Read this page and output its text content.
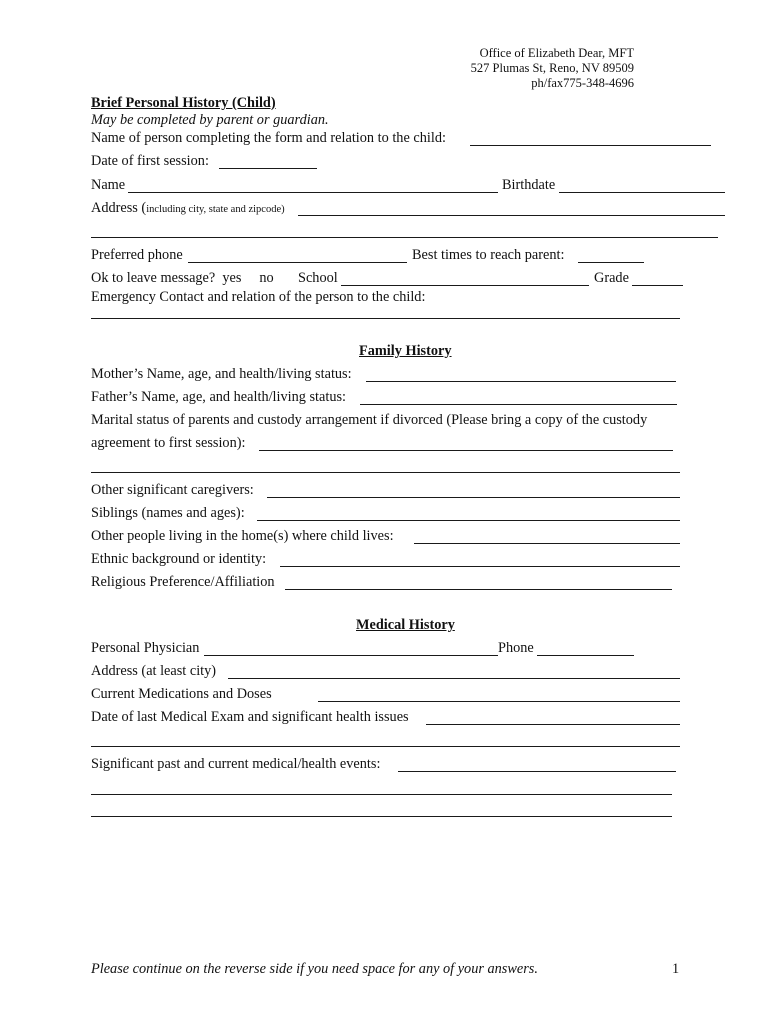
Office of Elizabeth Dear, MFT
527 Plumas St, Reno, NV 89509
ph/fax775-348-4696
Brief Personal History (Child)
May be completed by parent or guardian.
Name of person completing the form and relation to the child:
Date of first session:
Name	Birthdate
Address (including city, state and zipcode)
Preferred phone	Best times to reach parent:
Ok to leave message?  yes     no School	Grade
Emergency Contact and relation of the person to the child:
Family History
Mother’s Name, age, and health/living status:
Father’s Name, age, and health/living status:
Marital status of parents and custody arrangement if divorced (Please bring a copy of the custody
agreement to first session):
Other significant caregivers:
Siblings (names and ages):
Other people living in the home(s) where child lives:
Ethnic background or identity:
Religious Preference/Affiliation
Medical History
Personal Physician	Phone
Address (at least city)
Current Medications and Doses
Date of last Medical Exam and significant health issues
Significant past and current medical/health events:
Please continue on the reverse side if you need space for any of your answers.	1
